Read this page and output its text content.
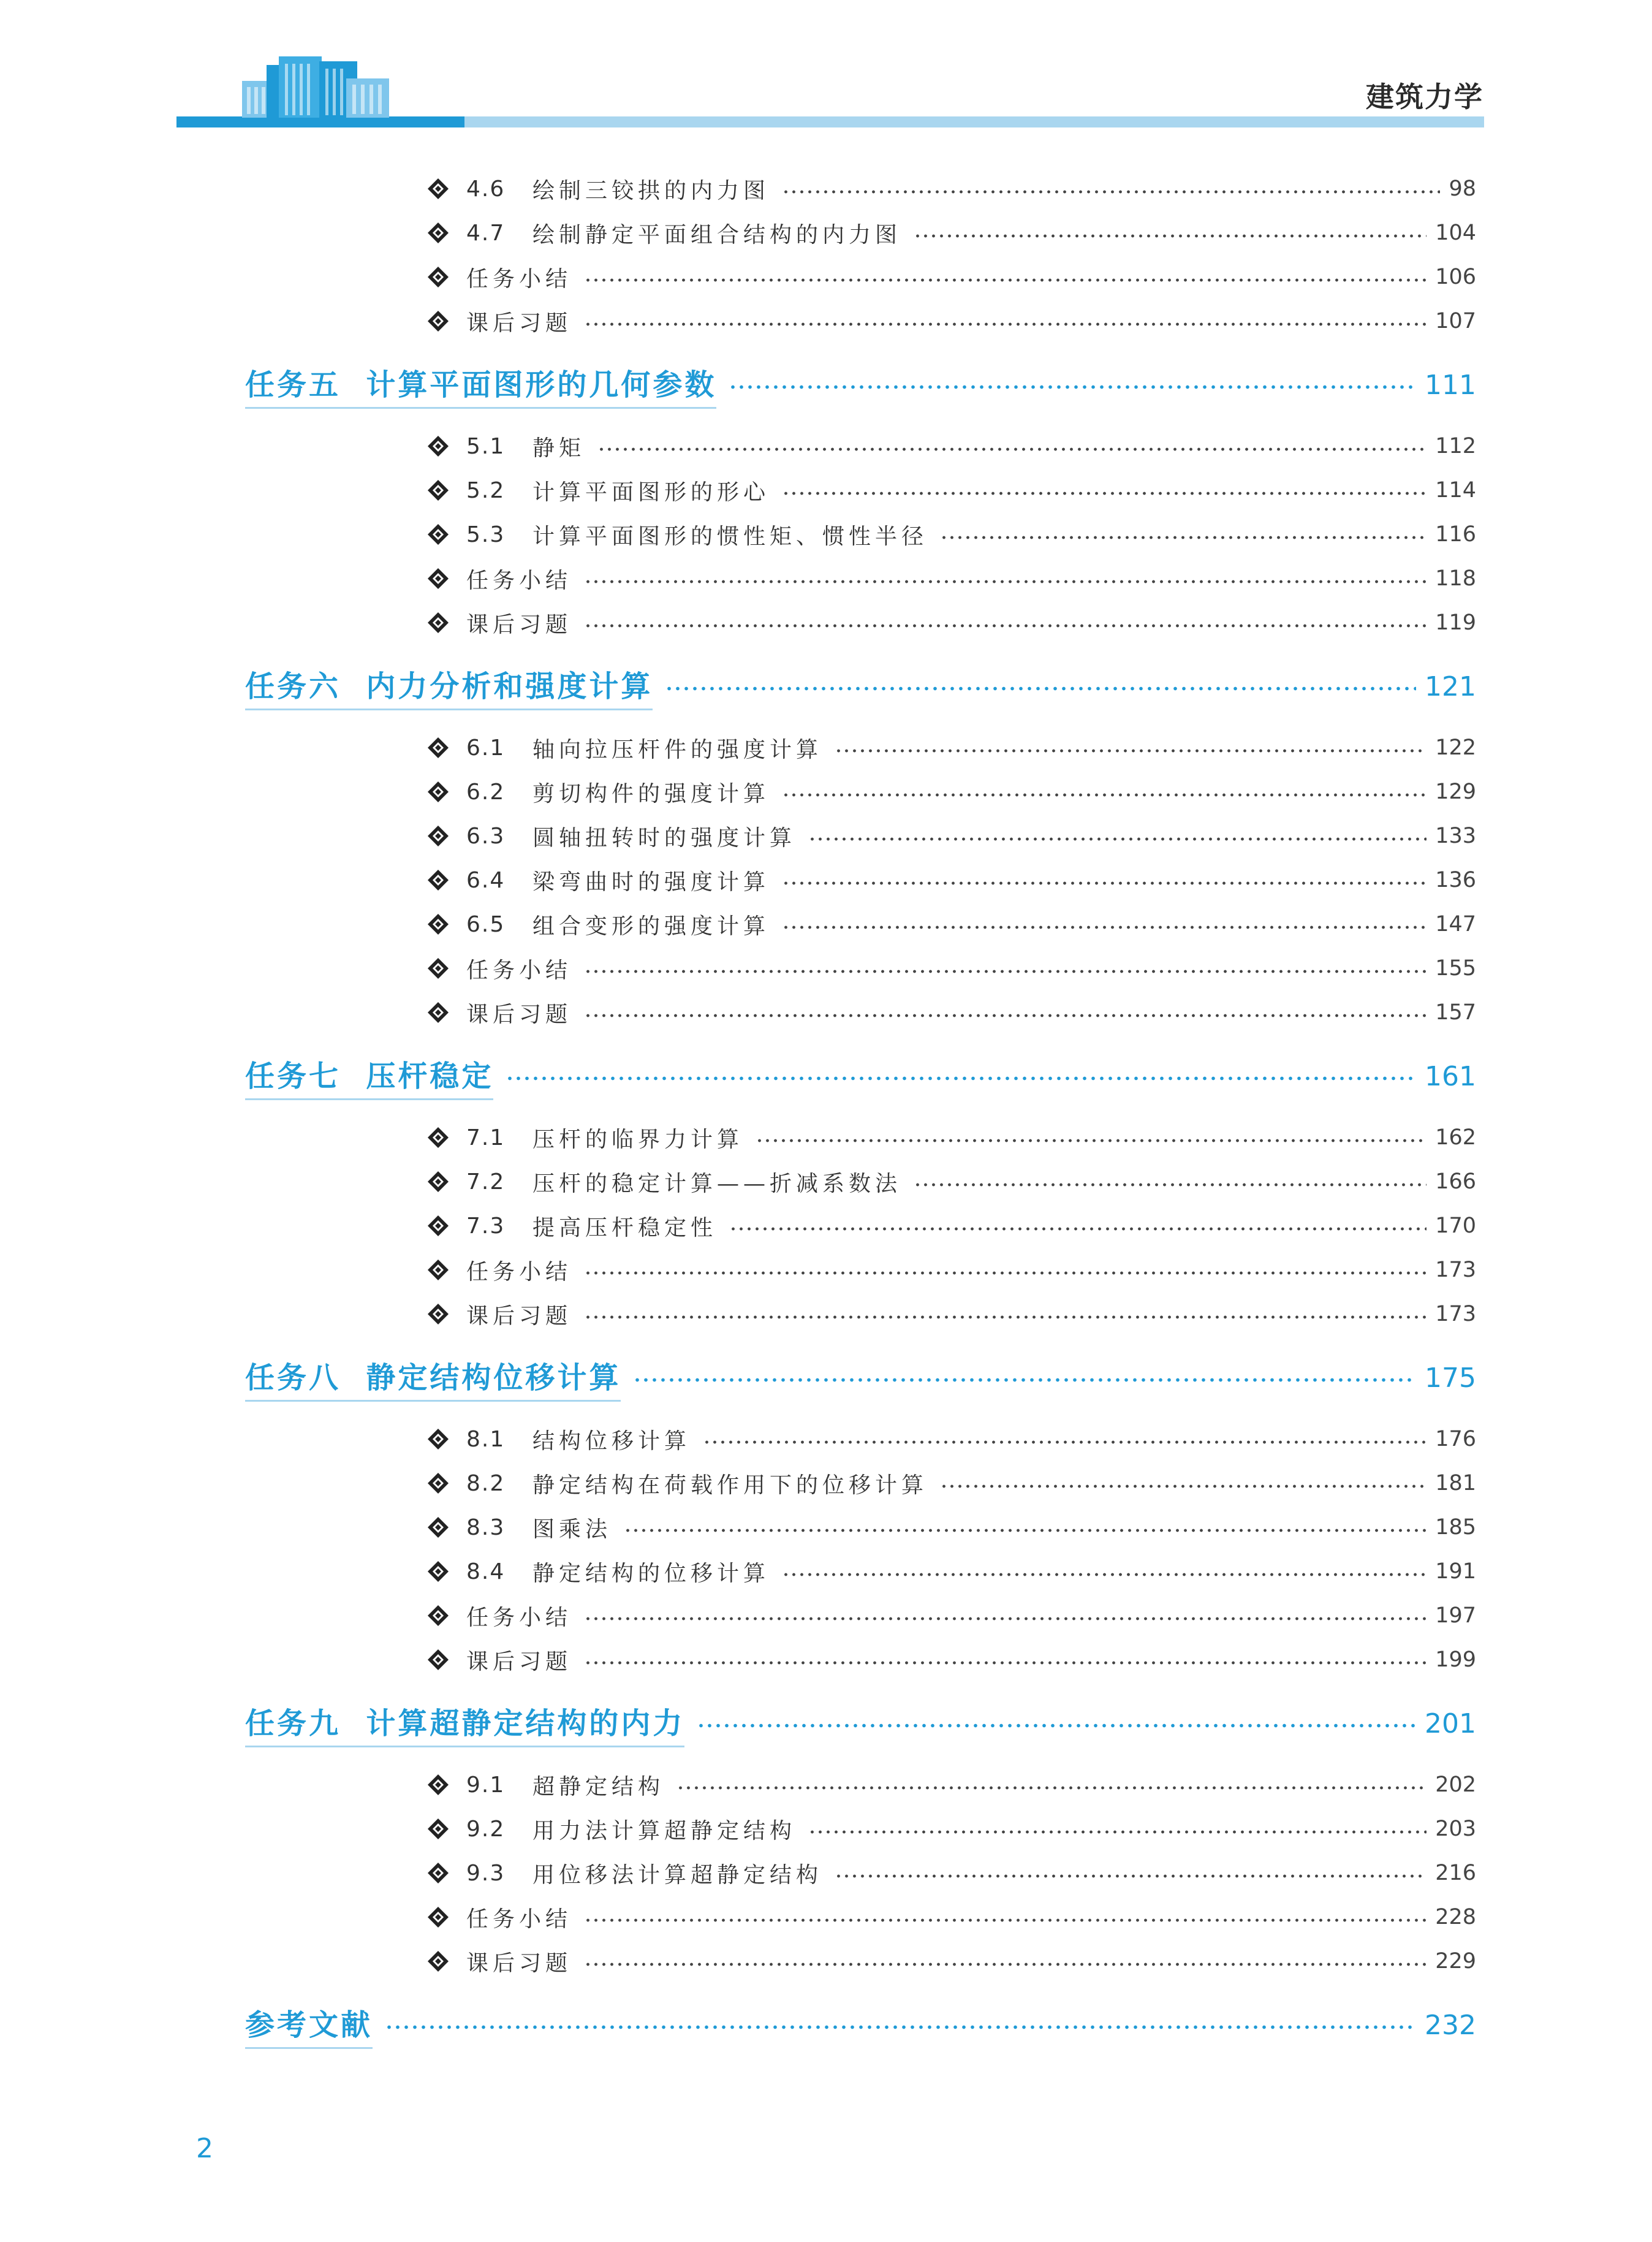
建筑力学
4.6	绘制三铰拱的内力图	98
4.7	绘制静定平面组合结构的内力图	104
任务小结	106
课后习题	107
任务五  计算平面图形的几何参数	111
5.1	静矩	112
5.2	计算平面图形的形心	114
5.3	计算平面图形的惯性矩、惯性半径	116
任务小结	118
课后习题	119
任务六  内力分析和强度计算	121
6.1	轴向拉压杆件的强度计算	122
6.2	剪切构件的强度计算	129
6.3	圆轴扭转时的强度计算	133
6.4	梁弯曲时的强度计算	136
6.5	组合变形的强度计算	147
任务小结	155
课后习题	157
任务七  压杆稳定	161
7.1	压杆的临界力计算	162
7.2	压杆的稳定计算——折减系数法	166
7.3	提高压杆稳定性	170
任务小结	173
课后习题	173
任务八  静定结构位移计算	175
8.1	结构位移计算	176
8.2	静定结构在荷载作用下的位移计算	181
8.3	图乘法	185
8.4	静定结构的位移计算	191
任务小结	197
课后习题	199
任务九  计算超静定结构的内力	201
9.1	超静定结构	202
9.2	用力法计算超静定结构	203
9.3	用位移法计算超静定结构	216
任务小结	228
课后习题	229
参考文献	232
2
